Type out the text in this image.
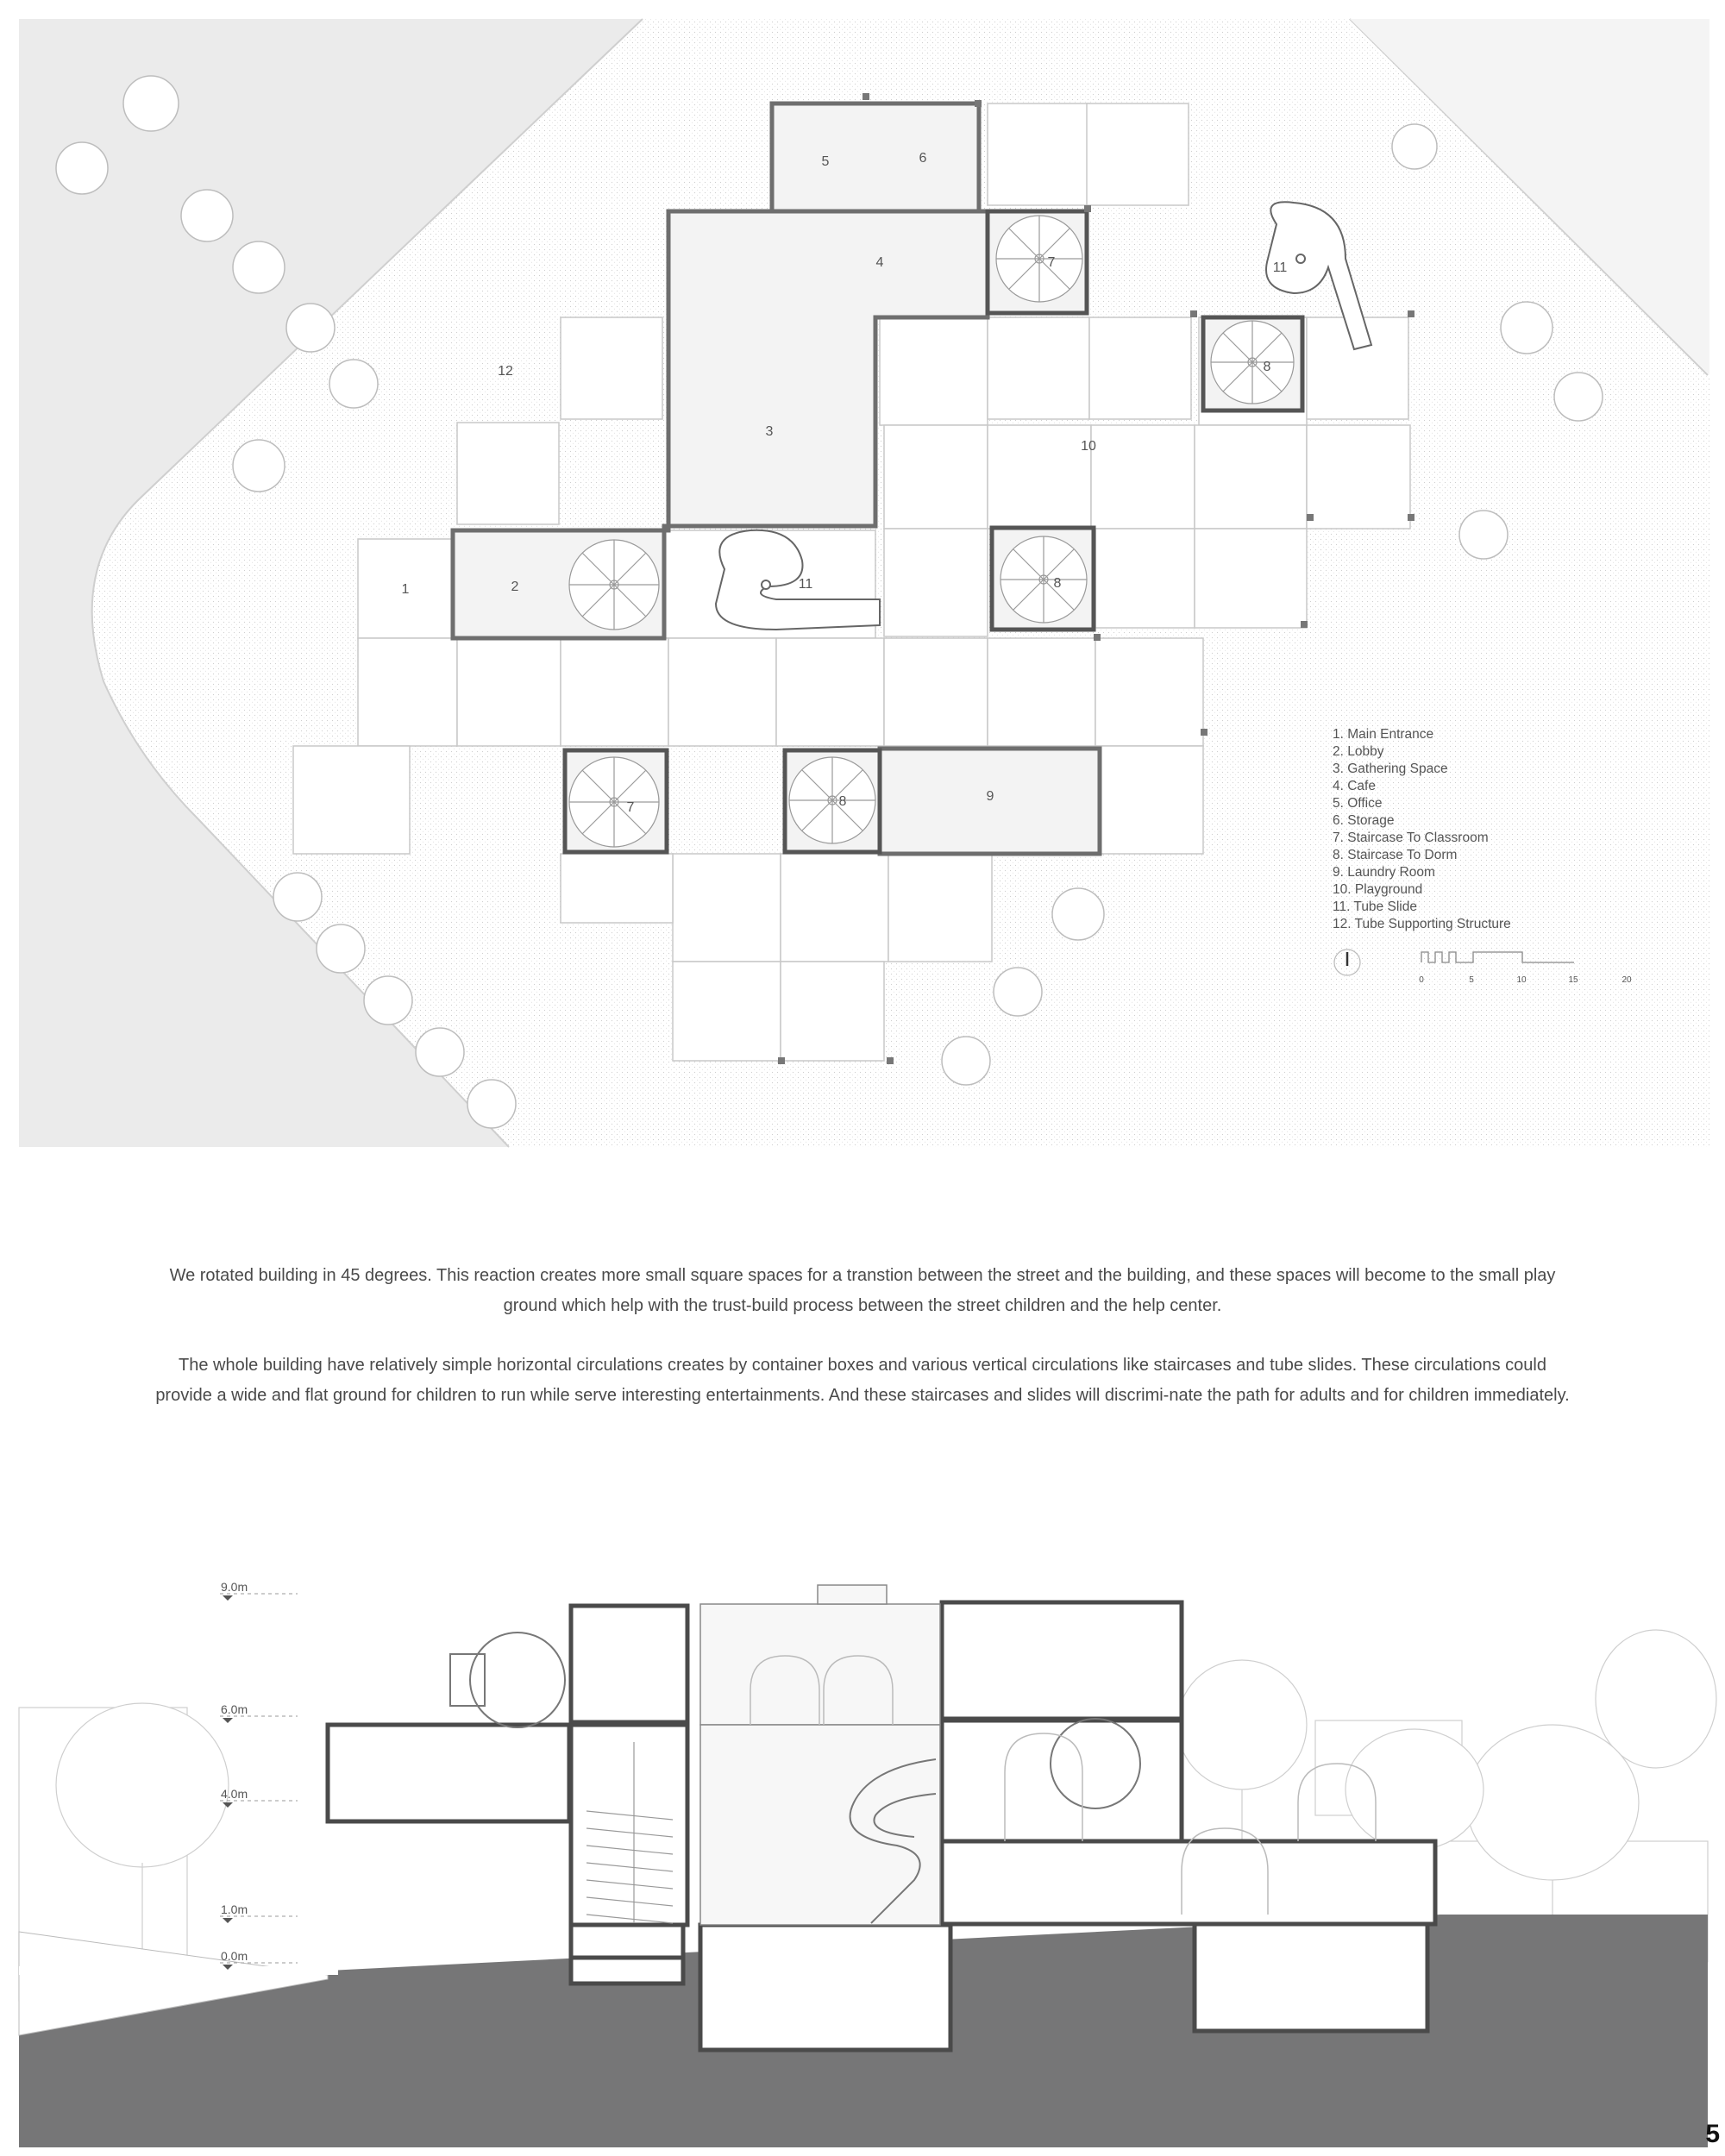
1	2
3
4
5	6
7
7
8
8
8	9
10
11
11
12
1. Main Entrance
2. Lobby
3. Gathering Space
4. Cafe
5. Office
6. Storage
7. Staircase To Classroom
8. Staircase To Dorm
9. Laundry Room
10. Playground
11. Tube Slide
12. Tube Supporting Structure
0	5	10	15	20

We rotated building in 45 degrees. This reaction creates more small square spaces for a transtion between the street and the building, and these spaces will become to the small play ground which help with the trust-build process between the street children and the help center.

The whole building have relatively simple horizontal circulations creates by container boxes and various vertical circulations like staircases and tube slides. These circulations could provide a wide and flat ground for children to run while serve interesting entertainments. And these staircases and slides will discrimi-nate the path for adults and for children immediately.

9.0m
6.0m
4.0m
1.0m
0.0m
5
